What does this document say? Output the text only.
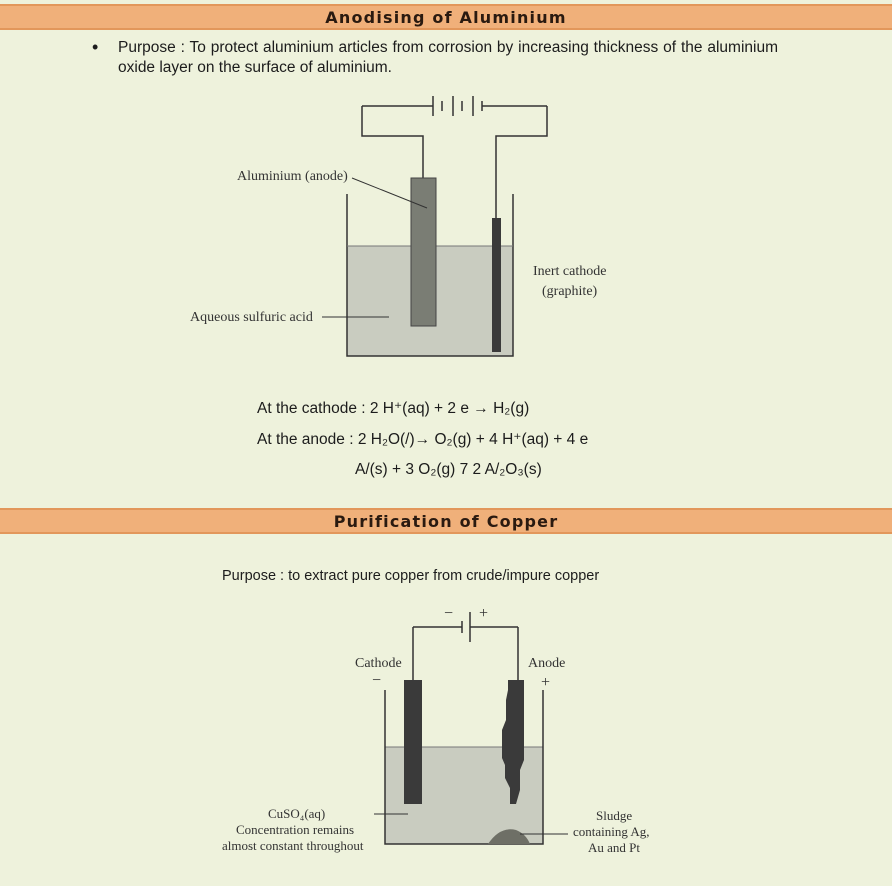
Anodising of Aluminium
• Purpose : To protect aluminium articles from corrosion by increasing thickness of the aluminium oxide layer on the surface of aluminium.
Aluminium (anode)
Aqueous sulfuric acid
Inert cathode
(graphite)
At the cathode : 2 H⁺(aq) + 2 e → H₂(g)
At the anode : 2 H₂O(/)→ O₂(g) + 4 H⁺(aq) + 4 e
A/(s) + 3 O₂(g) 7 2 A/₂O₃(s)
Purification of Copper
Purpose : to extract pure copper from crude/impure copper
− +
Cathode
−
Anode
+
CuSO₄(aq)
Concentration remains
almost constant throughout
Sludge
containing Ag,
Au and Pt
